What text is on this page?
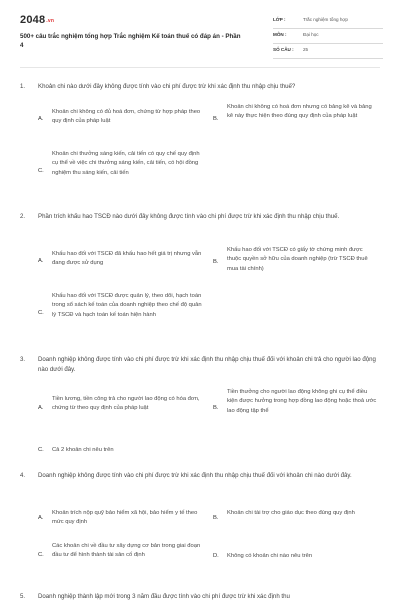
2048.vn
500+ câu trắc nghiệm tổng hợp Trắc nghiệm Kế toán thuế có đáp án - Phần 4
LỚP :	Trắc nghiệm tổng hợp
MÔN :	Đại học
SỐ CÂU : 25
1. Khoản chi nào dưới đây không được tính vào chi phí được trừ khi xác định thu nhập chịu thuế?
A.
Khoản chi không có đủ hoá đơn, chứng từ hợp pháp theo quy định của pháp luật	B.
Khoản chi không có hoá đơn nhưng có bảng kê và bảng kê này thực hiện theo đúng quy định của pháp luật
C.
Khoản chi thưởng sáng kiến, cải tiến có quy chế quy định cụ thể về việc chi thưởng sáng kiến, cải tiến, có hội đồng nghiệm thu sáng kiến, cải tiến
2. Phần trích khấu hao TSCĐ nào dưới đây không được tính vào chi phí được trừ khi xác định thu nhập chịu thuế.
A.
Khấu hao đối với TSCĐ đã khấu hao hết giá trị nhưng vẫn đang được sử dụng	B.
Khấu hao đối với TSCĐ có giấy tờ chứng minh được thuộc quyền sở hữu của doanh nghiệp (trừ TSCĐ thuê mua tài chính)
C.
Khấu hao đối với TSCĐ được quản lý, theo dõi, hạch toán trong sổ sách kế toán của doanh nghiệp theo chế độ quản lý TSCĐ và hạch toán kế toán hiện hành
3. Doanh nghiệp không được tính vào chi phí được trừ khi xác định thu nhập chịu thuế đối với khoản chi trả cho người lao động nào dưới đây.
A.
Tiền lương, tiền công trả cho người lao động có hóa đơn, chứng từ theo quy định của pháp luật	B.
Tiền thưởng cho người lao động không ghi cụ thể điều kiện được hưởng trong hợp đồng lao động hoặc thoả ước lao động tập thể
C. Cả 2 khoản chi nêu trên
4. Doanh nghiệp không được tính vào chi phí được trừ khi xác định thu nhập chịu thuế đối với khoản chi nào dưới đây.
A.
Khoản trích nộp quỹ bảo hiểm xã hội, bảo hiểm y tế theo mức quy định
B.
Khoản chi tài trợ cho giáo dục theo đúng quy định
C.
Các khoản chi về đầu tư xây dựng cơ bản trong giai đoạn đầu tư để hình thành tài sản cố định	D. Không có khoản chi nào nêu trên
5. Doanh nghiệp thành lập mới trong 3 năm đầu được tính vào chi phí được trừ khi xác định thu
